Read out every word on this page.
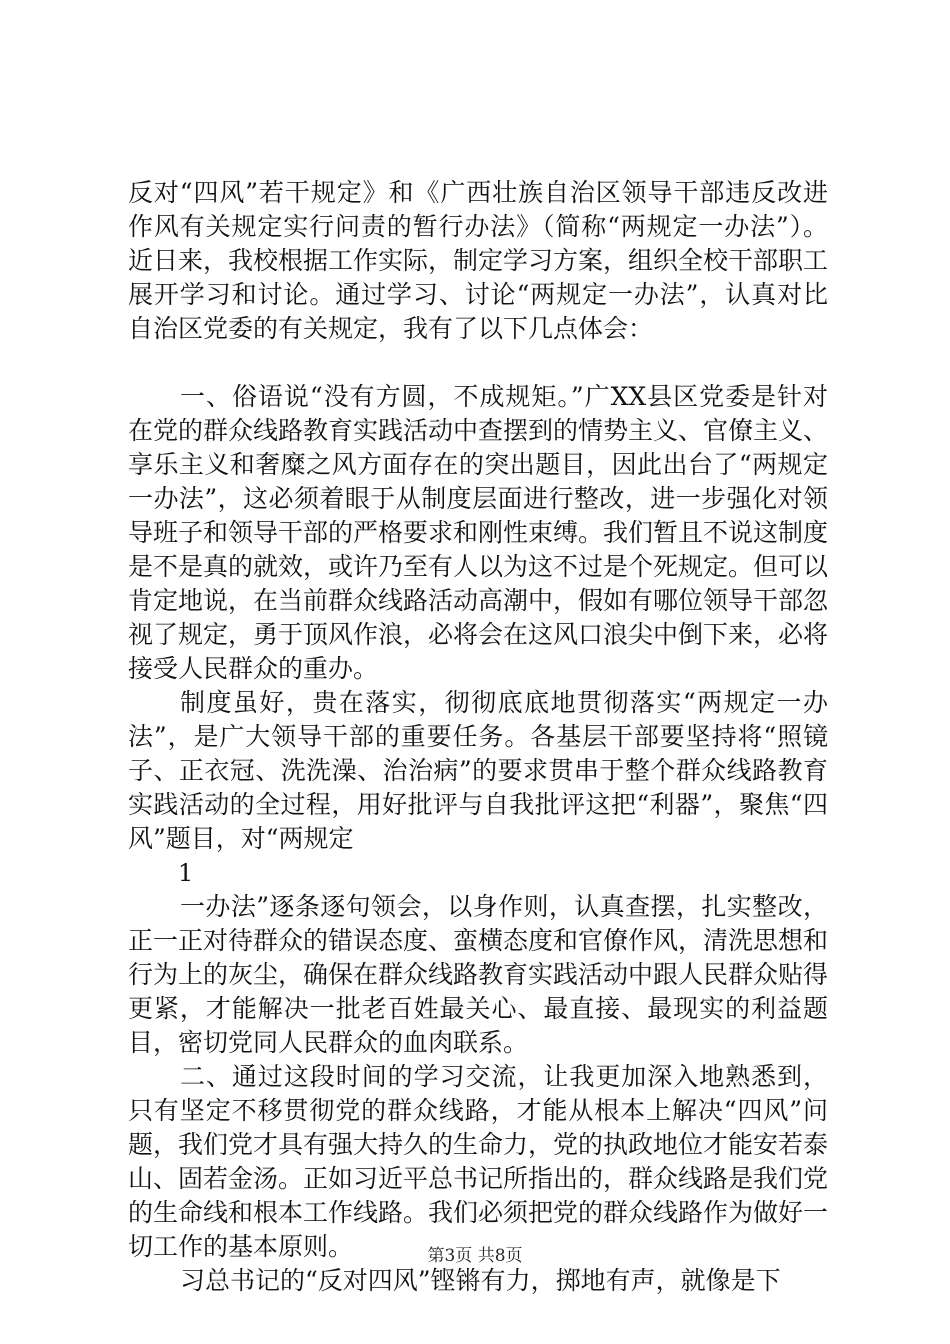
反对“四风”若干规定》和《广西壮族自治区领导干部违反改进作风有关规定实行问责的暂行办法》（简称“两规定一办法”）。近日来，我校根据工作实际，制定学习方案，组织全校干部职工展开学习和讨论。通过学习、讨论“两规定一办法”，认真对比自治区党委的有关规定，我有了以下几点体会：

一、俗语说“没有方圆，不成规矩。”广XX县区党委是针对在党的群众线路教育实践活动中查摆到的情势主义、官僚主义、享乐主义和奢糜之风方面存在的突出题目，因此出台了“两规定一办法”，这必须着眼于从制度层面进行整改，进一步强化对领导班子和领导干部的严格要求和刚性束缚。我们暂且不说这制度是不是真的就效，或许乃至有人以为这不过是个死规定。但可以肯定地说，在当前群众线路活动高潮中，假如有哪位领导干部忽视了规定，勇于顶风作浪，必将会在这风口浪尖中倒下来，必将接受人民群众的重办。

制度虽好，贵在落实，彻彻底底地贯彻落实“两规定一办法”，是广大领导干部的重要任务。各基层干部要坚持将“照镜子、正衣冠、洗洗澡、治治病”的要求贯串于整个群众线路教育实践活动的全过程，用好批评与自我批评这把“利器”，聚焦“四风”题目，对“两规定

1

一办法”逐条逐句领会，以身作则，认真查摆，扎实整改，正一正对待群众的错误态度、蛮横态度和官僚作风，清洗思想和行为上的灰尘，确保在群众线路教育实践活动中跟人民群众贴得更紧，才能解决一批老百姓最关心、最直接、最现实的利益题目，密切党同人民群众的血肉联系。

二、通过这段时间的学习交流，让我更加深入地熟悉到，只有坚定不移贯彻党的群众线路，才能从根本上解决“四风”问题，我们党才具有强大持久的生命力，党的执政地位才能安若泰山、固若金汤。正如习近平总书记所指出的，群众线路是我们党的生命线和根本工作线路。我们必须把党的群众线路作为做好一切工作的基本原则。

习总书记的“反对四风”铿锵有力，掷地有声，就像是下

第3页 共8页
